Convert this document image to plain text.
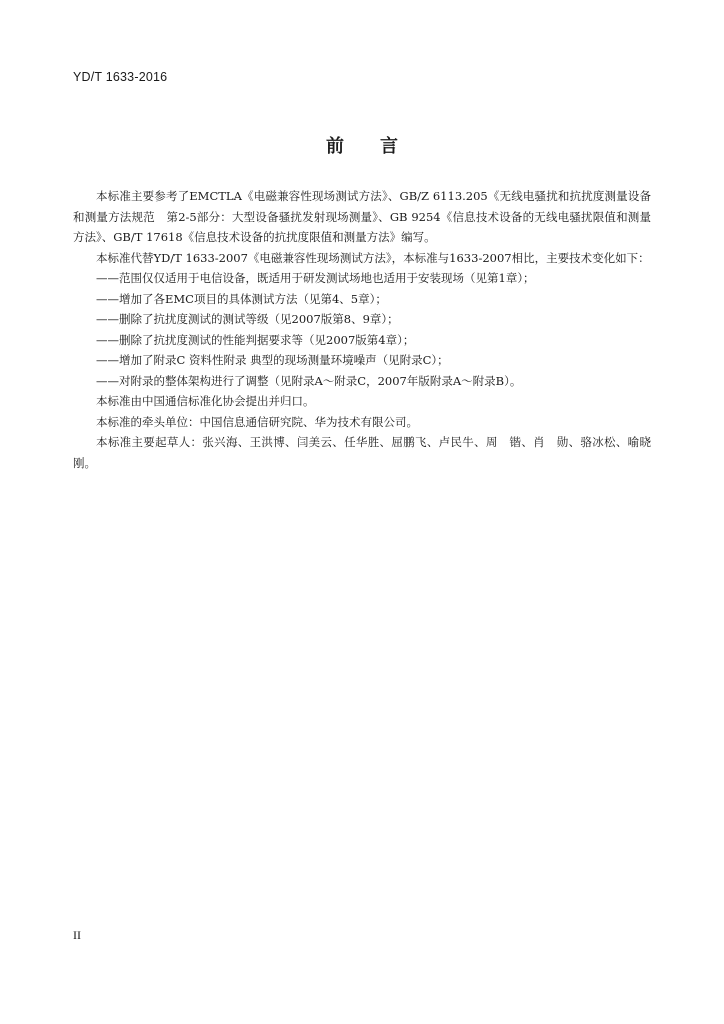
YD/T 1633-2016
前言

本标准主要参考了EMCTLA《电磁兼容性现场测试方法》、GB/Z 6113.205《无线电骚扰和抗扰度测量设备和测量方法规范　第2-5部分：大型设备骚扰发射现场测量》、GB 9254《信息技术设备的无线电骚扰限值和测量方法》、GB/T 17618《信息技术设备的抗扰度限值和测量方法》编写。

本标准代替YD/T 1633-2007《电磁兼容性现场测试方法》，本标准与1633-2007相比，主要技术变化如下：

——范围仅仅适用于电信设备，既适用于研发测试场地也适用于安装现场（见第1章）；

——增加了各EMC项目的具体测试方法（见第4、5章）；

——删除了抗扰度测试的测试等级（见2007版第8、9章）；

——删除了抗扰度测试的性能判据要求等（见2007版第4章）；

——增加了附录C 资料性附录 典型的现场测量环境噪声（见附录C）；

——对附录的整体架构进行了调整（见附录A～附录C，2007年版附录A～附录B）。

本标准由中国通信标准化协会提出并归口。

本标准的牵头单位：中国信息通信研究院、华为技术有限公司。

本标准主要起草人：张兴海、王洪博、闫美云、任华胜、屈鹏飞、卢民牛、周　锴、肖　勋、骆冰松、喻晓刚。

II
